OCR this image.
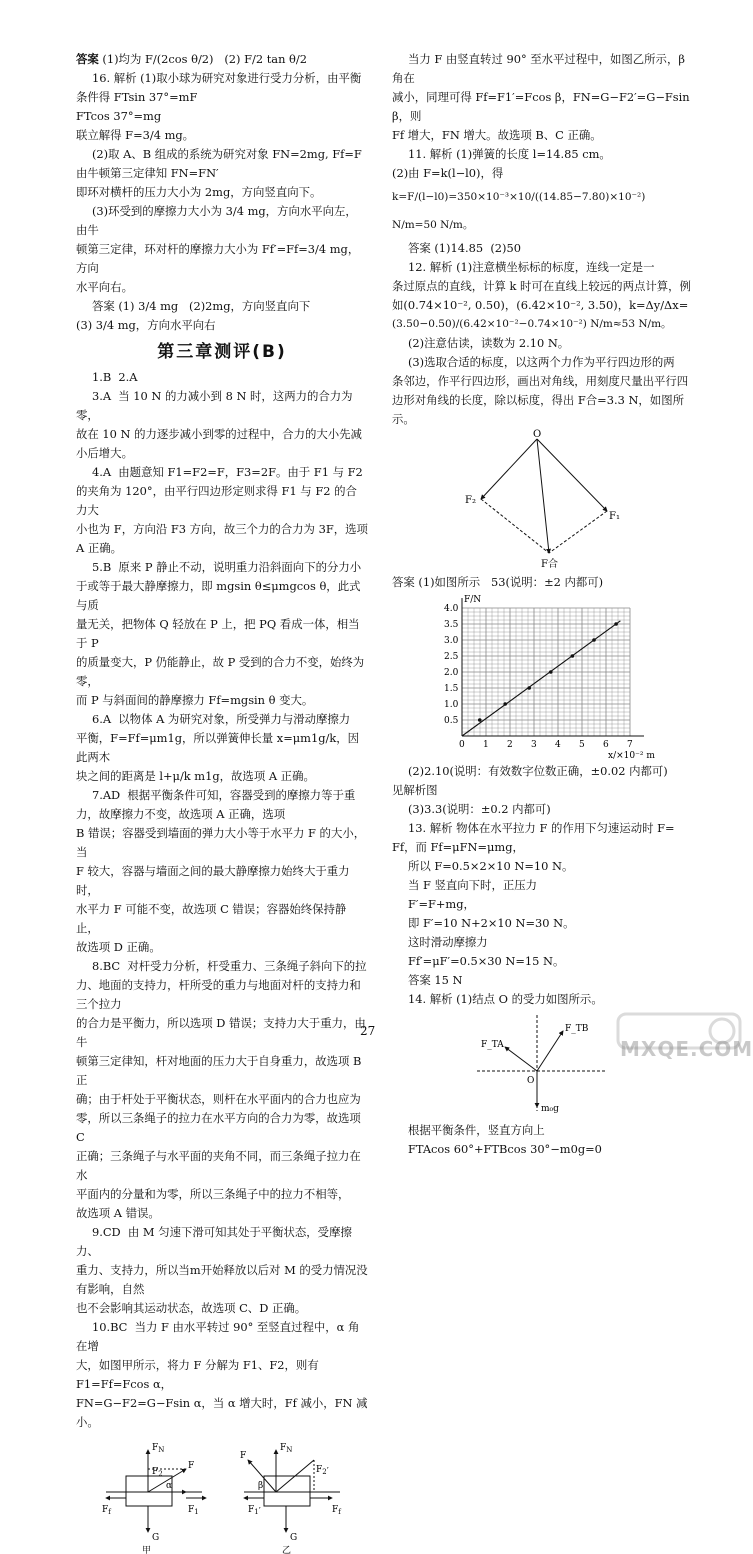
答案 (1)均为 F/(2cos θ/2)   (2) F/2 tan θ/2

16. 解析 (1)取小球为研究对象进行受力分析，由平衡

条件得 FTsin 37°=mF

FTcos 37°=mg

联立解得 F=3/4 mg。

(2)取 A、B 组成的系统为研究对象 FN=2mg, Ff=F

由牛顿第三定律知 FN=FN′

即环对横杆的压力大小为 2mg，方向竖直向下。

(3)环受到的摩擦力大小为 3/4 mg，方向水平向左，由牛

顿第三定律，环对杆的摩擦力大小为 Ff′=Ff=3/4 mg，方向

水平向右。

答案 (1) 3/4 mg   (2)2mg，方向竖直向下

(3) 3/4 mg，方向水平向右

第三章测评(B)

1.B  2.A

3.A  当 10 N 的力减小到 8 N 时，这两力的合力为零，

故在 10 N 的力逐步减小到零的过程中，合力的大小先减

小后增大。

4.A  由题意知 F1=F2=F，F3=2F。由于 F1 与 F2

的夹角为 120°，由平行四边形定则求得 F1 与 F2 的合力大

小也为 F，方向沿 F3 方向，故三个力的合力为 3F，选项

A 正确。

5.B  原来 P 静止不动，说明重力沿斜面向下的分力小

于或等于最大静摩擦力，即 mgsin θ≤μmgcos θ，此式与质

量无关，把物体 Q 轻放在 P 上，把 PQ 看成一体，相当于 P

的质量变大，P 仍能静止，故 P 受到的合力不变，始终为零，

而 P 与斜面间的静摩擦力 Ff=mgsin θ 变大。

6.A  以物体 A 为研究对象，所受弹力与滑动摩擦力

平衡，F=Ff=μm1g，所以弹簧伸长量 x=μm1g/k，因此两木

块之间的距离是 l+μ/k m1g，故选项 A 正确。

7.AD  根据平衡条件可知，容器受到的摩擦力等于重

力，故摩擦力不变，故选项 A 正确，选项

B 错误；容器受到墙面的弹力大小等于水平力 F 的大小，当

F 较大，容器与墙面之间的最大静摩擦力始终大于重力时，

水平力 F 可能不变，故选项 C 错误；容器始终保持静止，

故选项 D 正确。

8.BC  对杆受力分析，杆受重力、三条绳子斜向下的拉

力、地面的支持力，杆所受的重力与地面对杆的支持力和三个拉力

的合力是平衡力，所以选项 D 错误；支持力大于重力，由牛

顿第三定律知，杆对地面的压力大于自身重力，故选项 B 正

确；由于杆处于平衡状态，则杆在水平面内的合力也应为

零，所以三条绳子的拉力在水平方向的合力为零，故选项 C

正确；三条绳子与水平面的夹角不同，而三条绳子拉力在水

平面内的分量和为零，所以三条绳子中的拉力不相等，

故选项 A 错误。

9.CD  由 M 匀速下滑可知其处于平衡状态，受摩擦力、

重力、支持力，所以当m开始释放以后对 M 的受力情况没有影响，自然

也不会影响其运动状态，故选项 C、D 正确。

10.BC  当力 F 由水平转过 90° 至竖直过程中，α 角在增

大，如图甲所示，将力 F 分解为 F1、F2，则有 F1=Ff=Fcos α，

FN=G−F2=G−Fsin α，当 α 增大时，Ff 减小，FN 减小。

$F_N$
$F_2$
F
α
$F_f$	$F_1$
G
甲
$F_N$
F
$F_2'$
β
$F_1'$	$F_f$
G
乙

当力 F 由竖直转过 90° 至水平过程中，如图乙所示，β 角在

减小，同理可得 Ff=F1′=Fcos β，FN=G−F2′=G−Fsin β，则

Ff 增大，FN 增大。故选项 B、C 正确。

11. 解析 (1)弹簧的长度 l=14.85 cm。

(2)由 F=k(l−l0)，得

k=F/(l−l0)=350×10⁻³×10/((14.85−7.80)×10⁻²) N/m=50 N/m。

答案 (1)14.85  (2)50

12. 解析 (1)注意横坐标标的标度，连线一定是一

条过原点的直线，计算 k 时可在直线上较远的两点计算，例

如(0.74×10⁻², 0.50)，(6.42×10⁻², 3.50)，k=Δy/Δx=

(3.50−0.50)/(6.42×10⁻²−0.74×10⁻²) N/m≈53 N/m。

(2)注意估读，读数为 2.10 N。

(3)选取合适的标度，以这两个力作为平行四边形的两

条邻边，作平行四边形，画出对角线，用刻度尺量出平行四

边形对角线的长度，除以标度，得出 F合=3.3 N，如图所示。

O
F₂
F₁
F合

答案 (1)如图所示   53(说明：±2 内都可)

0 1 2 3 4 5 6 7
0.5
1.0
1.5
2.0
2.5
3.0
3.5
4.0
F/N
x/×10⁻² m

(2)2.10(说明：有效数字位数正确，±0.02 内都可)

见解析图

(3)3.3(说明：±0.2 内都可)

13. 解析 物体在水平拉力 F 的作用下匀速运动时 F=

Ff，而 Ff=μFN=μmg，

所以 F=0.5×2×10 N=10 N。

当 F 竖直向下时，正压力

F′=F+mg，

即 F′=10 N+2×10 N=30 N。

这时滑动摩擦力

Ff′=μF′=0.5×30 N=15 N。

答案 15 N

14. 解析 (1)结点 O 的受力如图所示。

F_TA
F_TB
O
m₀g

根据平衡条件，竖直方向上

FTAcos 60°+FTBcos 30°−m0g=0

27
MXQE.COM
